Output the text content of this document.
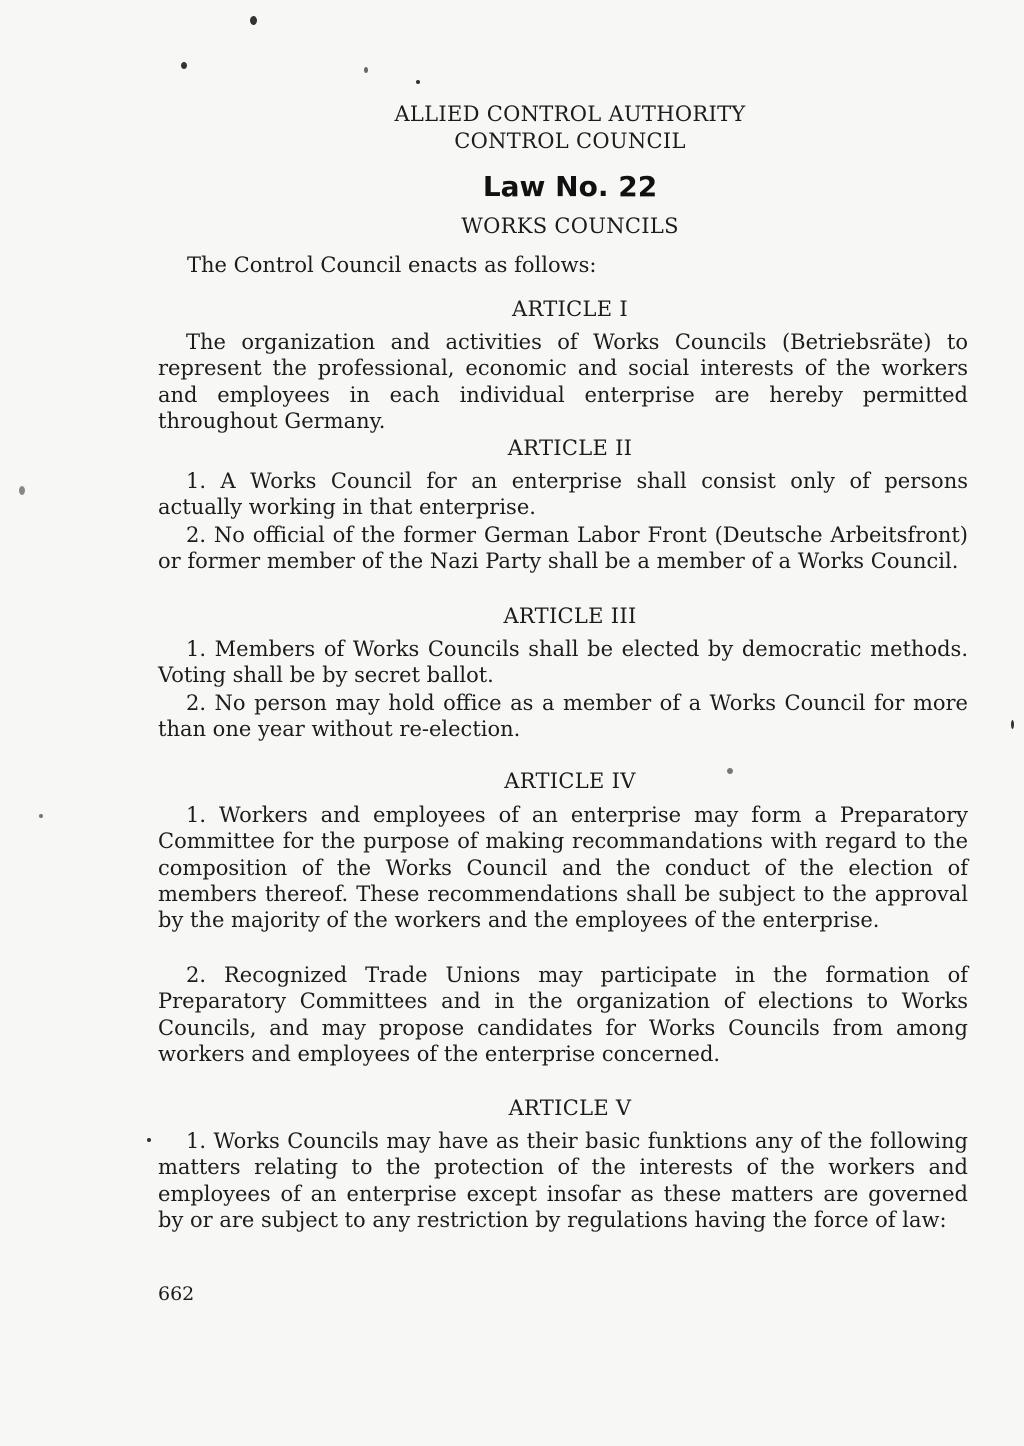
ALLIED CONTROL AUTHORITY
CONTROL COUNCIL
Law No. 22
WORKS COUNCILS
The Control Council enacts as follows:
ARTICLE I
The organization and activities of Works Councils (Betriebsräte) to represent the professional, economic and social interests of the workers and employees in each individual enterprise are hereby permitted throughout Germany.
ARTICLE II
1. A Works Council for an enterprise shall consist only of persons actually working in that enterprise.
2. No official of the former German Labor Front (Deutsche Arbeitsfront) or former member of the Nazi Party shall be a member of a Works Council.
ARTICLE III
1. Members of Works Councils shall be elected by democratic methods. Voting shall be by secret ballot.
2. No person may hold office as a member of a Works Council for more than one year without re-election.
ARTICLE IV
1. Workers and employees of an enterprise may form a Preparatory Committee for the purpose of making recommandations with regard to the composition of the Works Council and the conduct of the election of members thereof. These recommendations shall be subject to the approval by the majority of the workers and the employees of the enterprise.
2. Recognized Trade Unions may participate in the formation of Preparatory Committees and in the organization of elections to Works Councils, and may propose candidates for Works Councils from among workers and employees of the enterprise concerned.
ARTICLE V
1. Works Councils may have as their basic funktions any of the following matters relating to the protection of the interests of the workers and employees of an enterprise except insofar as these matters are governed by or are subject to any restriction by regulations having the force of law:
662
